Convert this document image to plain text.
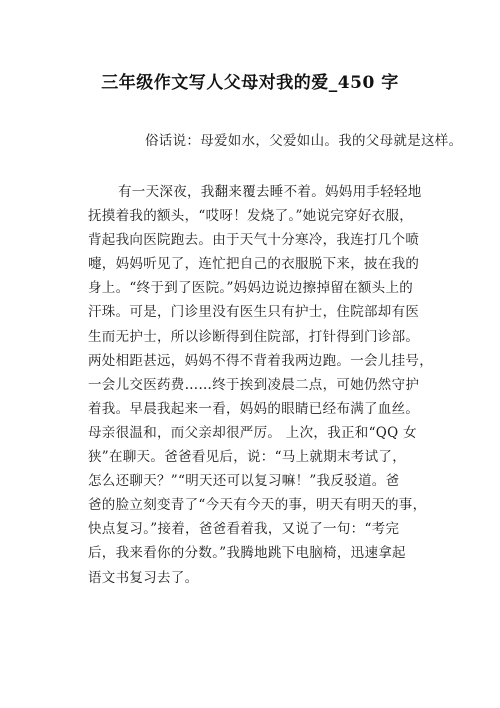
三年级作文写人父母对我的爱_450 字
俗话说：母爱如水，父爱如山。我的父母就是这样。
有一天深夜，我翻来覆去睡不着。妈妈用手轻轻地
抚摸着我的额头，“哎呀！发烧了。”她说完穿好衣服，
背起我向医院跑去。由于天气十分寒冷，我连打几个喷
嚏，妈妈听见了，连忙把自己的衣服脱下来，披在我的
身上。“终于到了医院。”妈妈边说边擦掉留在额头上的
汗珠。可是，门诊里没有医生只有护士，住院部却有医
生而无护士，所以诊断得到住院部，打针得到门诊部。
两处相距甚远，妈妈不得不背着我两边跑。一会儿挂号，
一会儿交医药费……终于挨到凌晨二点，可她仍然守护
着我。早晨我起来一看，妈妈的眼睛已经布满了血丝。
母亲很温和，而父亲却很严厉。 上次，我正和“QQ 女
狭”在聊天。爸爸看见后，说：“马上就期末考试了，
怎么还聊天？”“明天还可以复习嘛！”我反驳道。爸
爸的脸立刻变青了“今天有今天的事，明天有明天的事，
快点复习。”接着，爸爸看着我，又说了一句：“考完
后，我来看你的分数。”我腾地跳下电脑椅，迅速拿起
语文书复习去了。
